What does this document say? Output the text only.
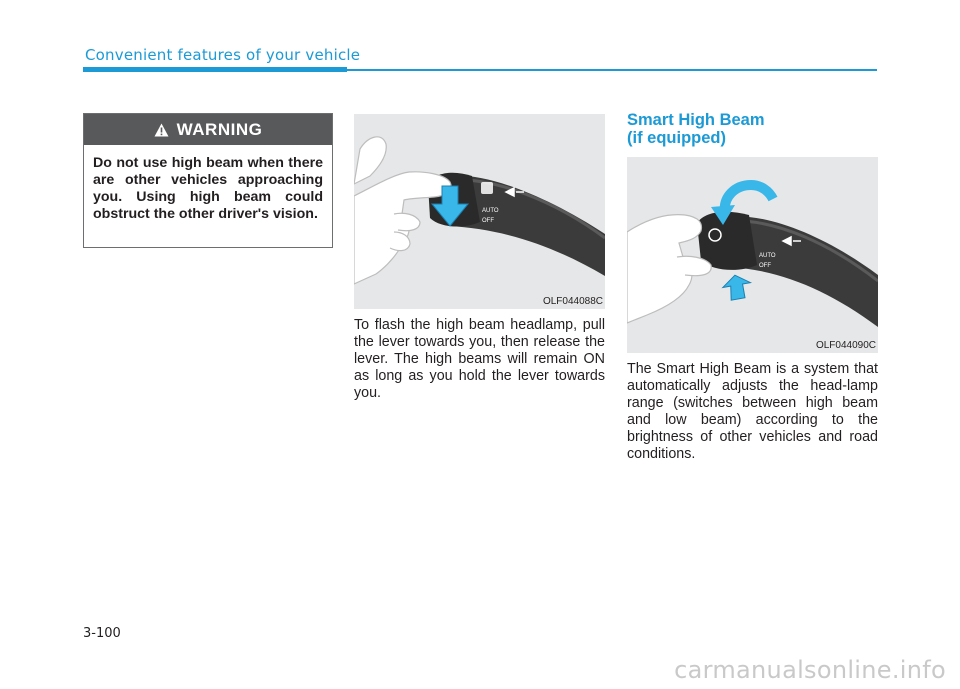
Convenient features of your vehicle
WARNING
Do not use high beam when there are other vehicles approaching you. Using high beam could obstruct the other driver's vision.	AUTO
OFF
OLF044088C
To flash the high beam headlamp, pull the lever towards you, then release the lever. The high beams will remain ON as long as you hold the lever towards you.
Smart High Beam
(if equipped)
AUTO
OFF
OLF044090C
The Smart High Beam is a system that automatically adjusts the head-lamp range (switches between high beam and low beam) according to the brightness of other vehicles and road conditions.
3-100
carmanualsonline.info
